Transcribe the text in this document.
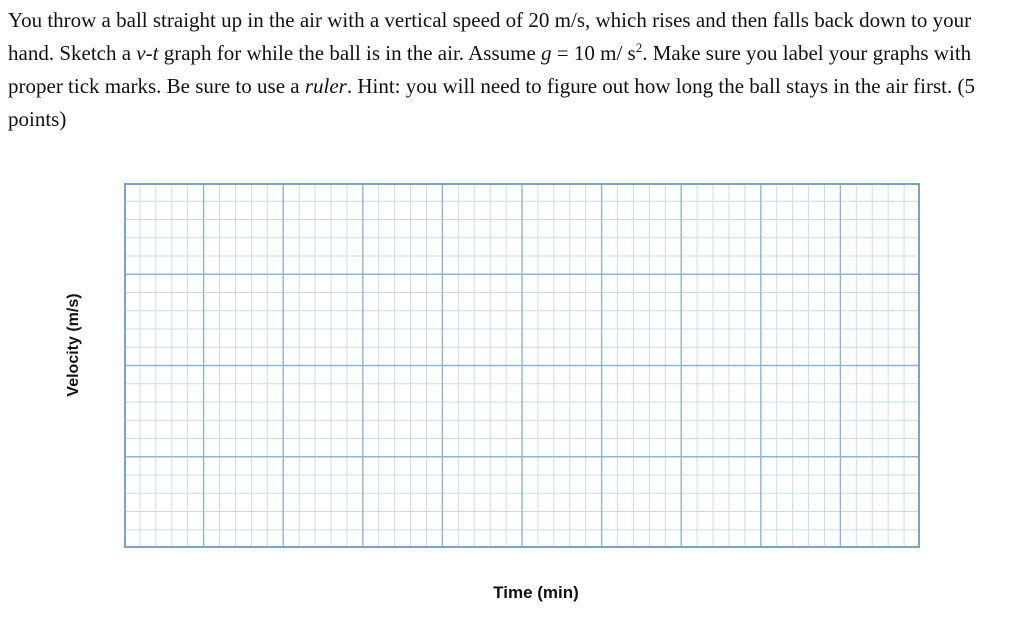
You throw a ball straight up in the air with a vertical speed of 20 m/s, which rises and then falls back down to your hand. Sketch a v-t graph for while the ball is in the air. Assume g = 10 m/ $s^2$. Make sure you label your graphs with proper tick marks. Be sure to use a ruler. Hint: you will need to figure out how long the ball stays in the air first. (5 points)

Velocity (m/s)
Time (min)
